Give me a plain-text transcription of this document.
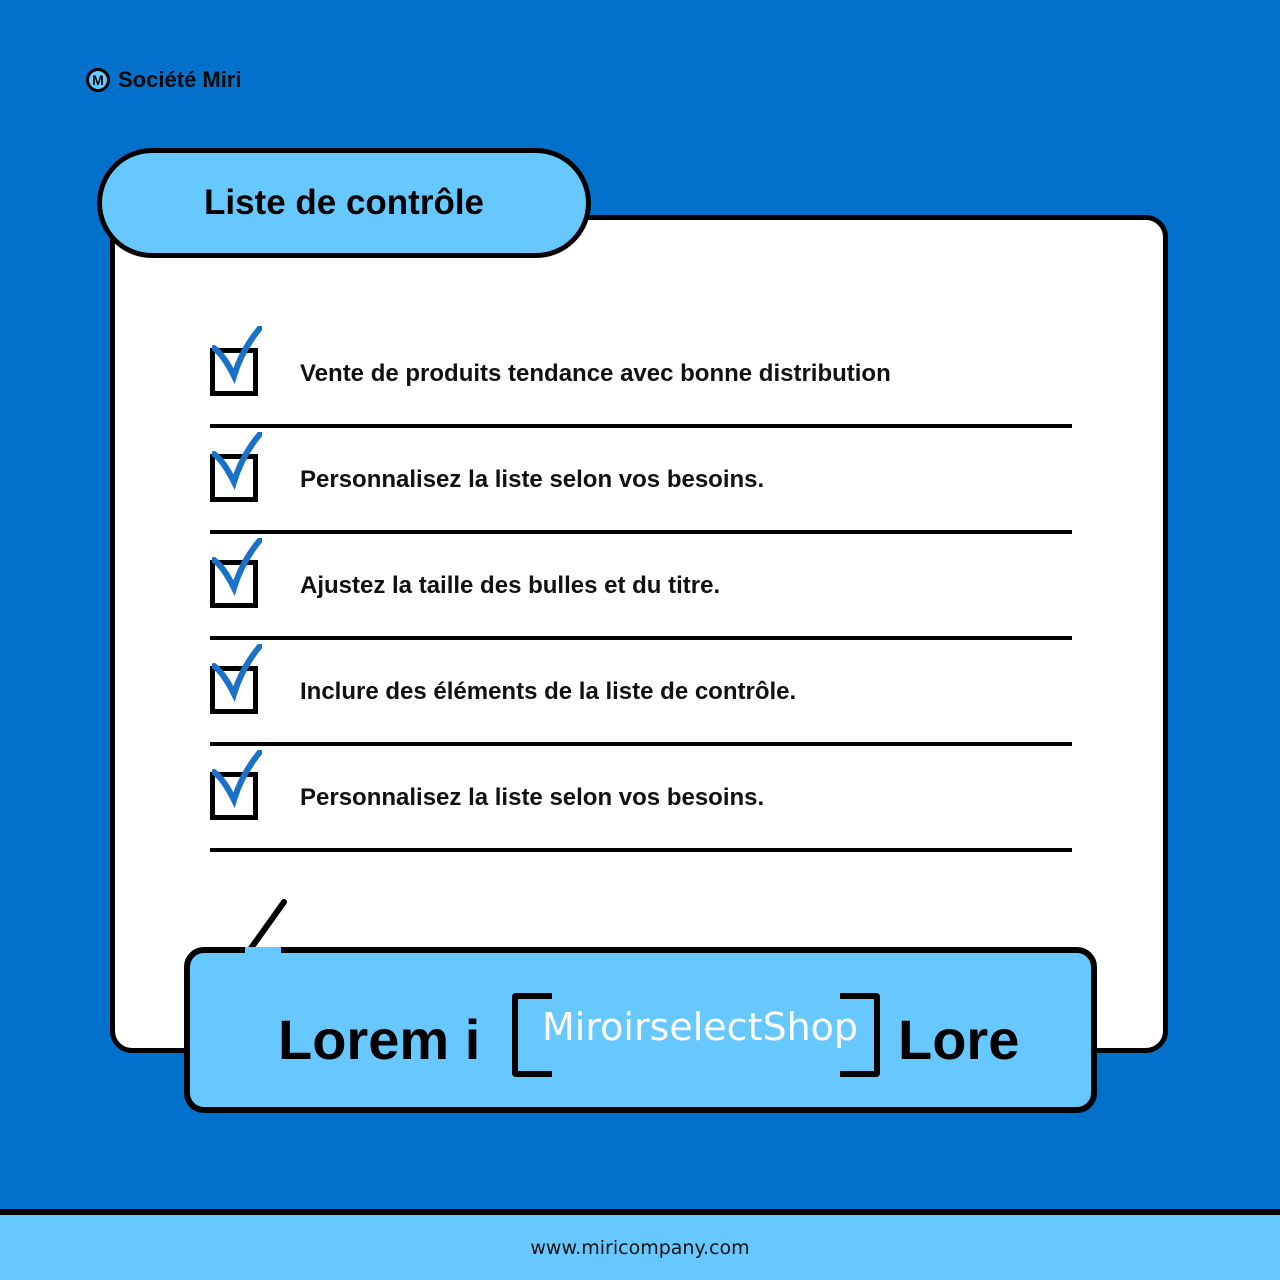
M Société Miri
Liste de contrôle
Vente de produits tendance avec bonne distribution
Personnalisez la liste selon vos besoins.
Ajustez la taille des bulles et du titre.
Inclure des éléments de la liste de contrôle.
Personnalisez la liste selon vos besoins.
Lorem i MiroirselectShop Lore
www.miricompany.com
